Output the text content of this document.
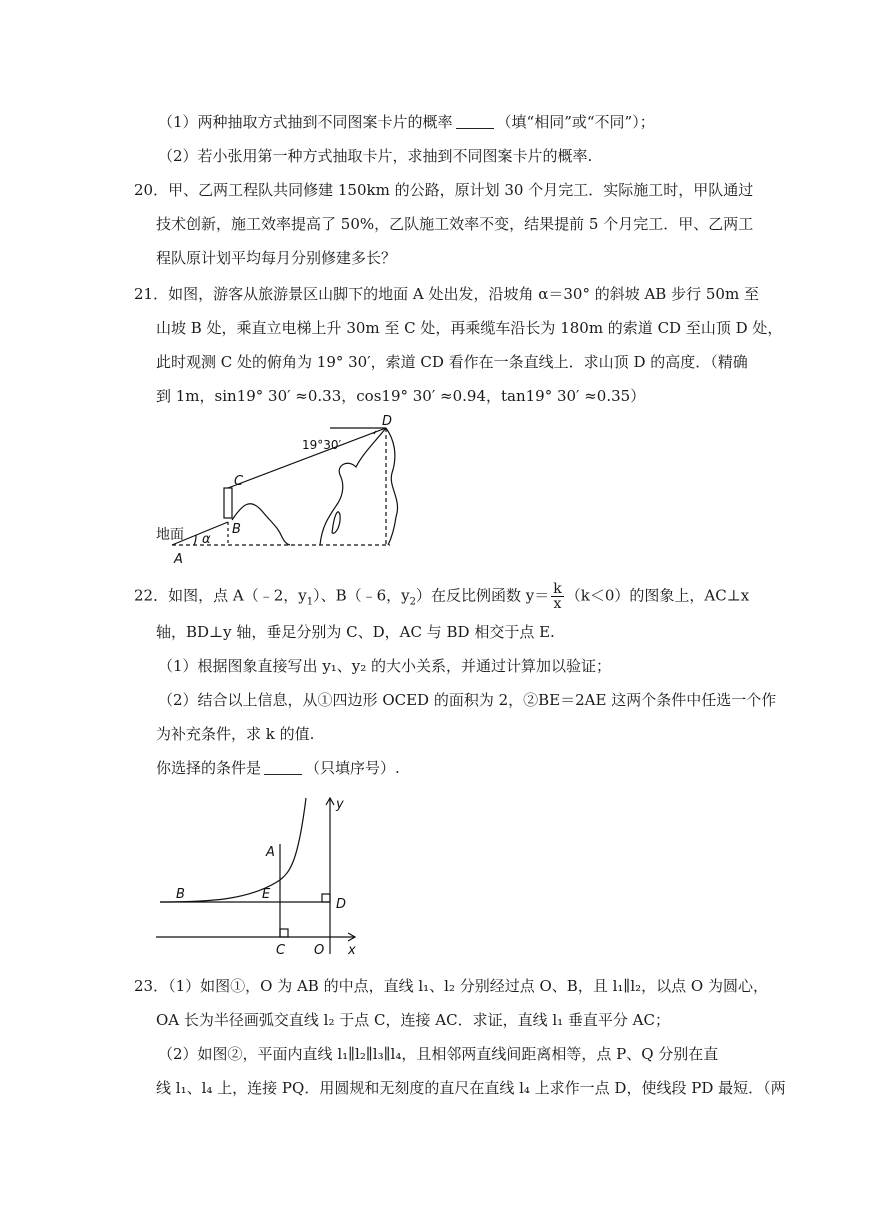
（1）两种抽取方式抽到不同图案卡片的概率	（填“相同”或“不同”）；
（2）若小张用第一种方式抽取卡片，求抽到不同图案卡片的概率.
20．甲、乙两工程队共同修建 150km 的公路，原计划 30 个月完工．实际施工时，甲队通过
技术创新，施工效率提高了 50%，乙队施工效率不变，结果提前 5 个月完工．甲、乙两工
程队原计划平均每月分别修建多长？
21．如图，游客从旅游景区山脚下的地面 A 处出发，沿坡角 α＝30° 的斜坡 AB 步行 50m 至
山坡 B 处，乘直立电梯上升 30m 至 C 处，再乘缆车沿长为 180m 的索道 CD 至山顶 D 处，
此时观测 C 处的俯角为 19° 30′，索道 CD 看作在一条直线上．求山顶 D 的高度．（精确
到 1m，sin19° 30′ ≈0.33，cos19° 30′ ≈0.94，tan19° 30′ ≈0.35）
19°30′
D
C
B
A
α
地面
22．如图，点 A（﹣2，$y_1$）、B（﹣6，$y_2$）在反比例函数 $y= \frac{k}{x} (k<0)$的图象上，AC⊥x
轴，BD⊥y 轴，垂足分别为 C、D，AC 与 BD 相交于点 E.
（1）根据图象直接写出 y₁、y₂ 的大小关系，并通过计算加以验证；
（2）结合以上信息，从①四边形 OCED 的面积为 2，②BE＝2AE 这两个条件中任选一个作
为补充条件，求 k 的值.
你选择的条件是	（只填序号）.
y
x
A
B	E
D
C O
23．（1）如图①，O 为 AB 的中点，直线 l₁、l₂ 分别经过点 O、B，且 l₁∥l₂，以点 O 为圆心，
OA 长为半径画弧交直线 l₂ 于点 C，连接 AC．求证，直线 l₁ 垂直平分 AC；
（2）如图②，平面内直线 l₁∥l₂∥l₃∥l₄，且相邻两直线间距离相等，点 P、Q 分别在直
线 l₁、l₄ 上，连接 PQ．用圆规和无刻度的直尺在直线 l₄ 上求作一点 D，使线段 PD 最短．（两
